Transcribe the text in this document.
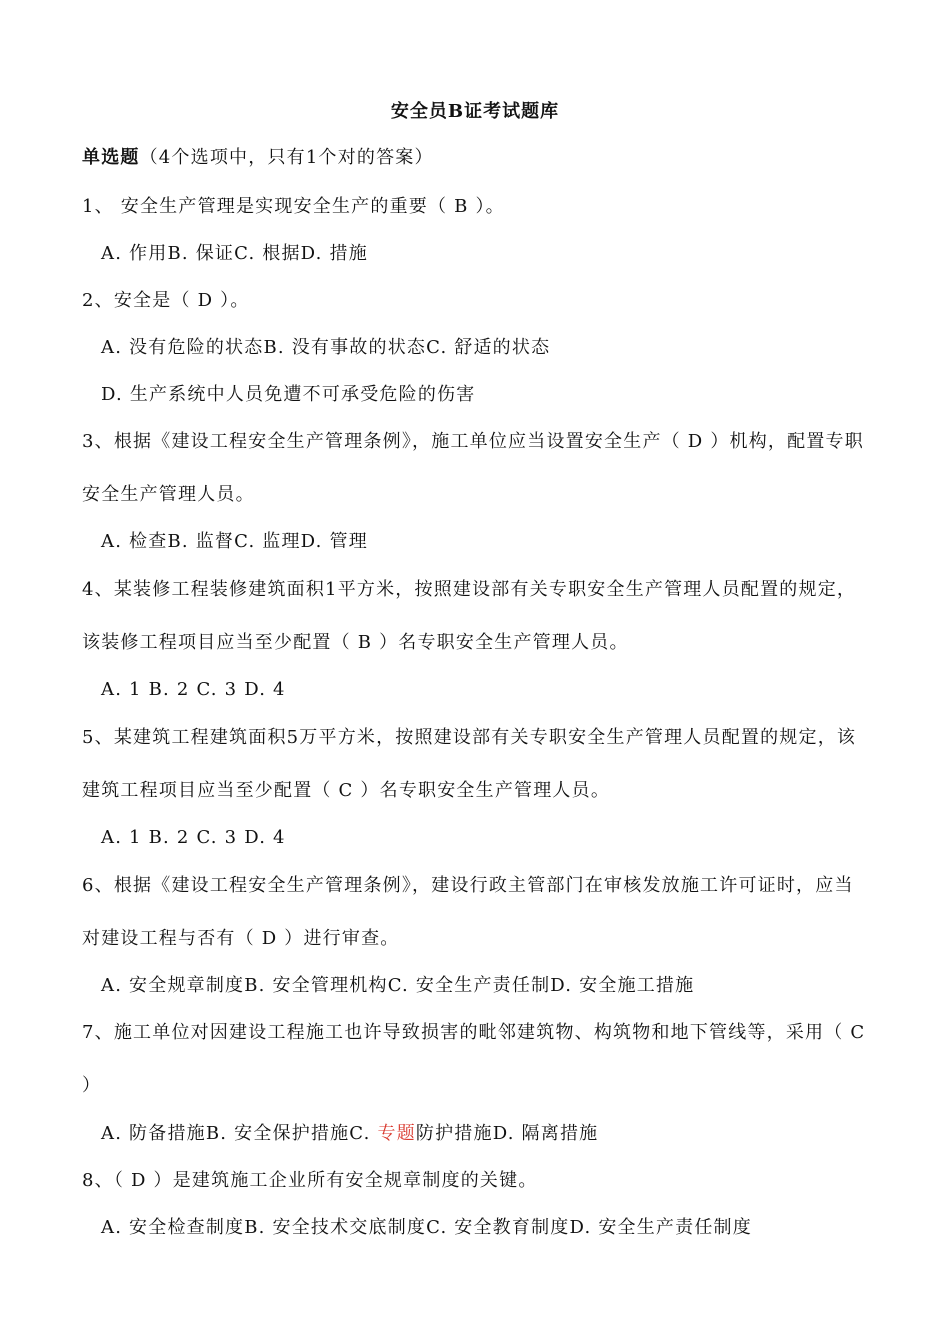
安全员B证考试题库
单选题（4个选项中，只有1个对的答案）
1、 安全生产管理是实现安全生产的重要（ B ）。
A. 作用B. 保证C. 根据D. 措施
2、安全是（ D ）。
A. 没有危险的状态B. 没有事故的状态C. 舒适的状态
D. 生产系统中人员免遭不可承受危险的伤害
3、根据《建设工程安全生产管理条例》，施工单位应当设置安全生产（ D ）机构，配置专职
安全生产管理人员。
A. 检查B. 监督C. 监理D. 管理
4、某装修工程装修建筑面积1平方米，按照建设部有关专职安全生产管理人员配置的规定，
该装修工程项目应当至少配置（ B ）名专职安全生产管理人员。
A. 1 B. 2 C. 3 D. 4
5、某建筑工程建筑面积5万平方米，按照建设部有关专职安全生产管理人员配置的规定，该
建筑工程项目应当至少配置（ C ）名专职安全生产管理人员。
A. 1 B. 2 C. 3 D. 4
6、根据《建设工程安全生产管理条例》，建设行政主管部门在审核发放施工许可证时，应当
对建设工程与否有（ D ）进行审查。
A. 安全规章制度B. 安全管理机构C. 安全生产责任制D. 安全施工措施
7、施工单位对因建设工程施工也许导致损害的毗邻建筑物、构筑物和地下管线等，采用（ C
）
A. 防备措施B. 安全保护措施C. 专题防护措施D. 隔离措施
8、（ D ）是建筑施工企业所有安全规章制度的关键。
A. 安全检查制度B. 安全技术交底制度C. 安全教育制度D. 安全生产责任制度
